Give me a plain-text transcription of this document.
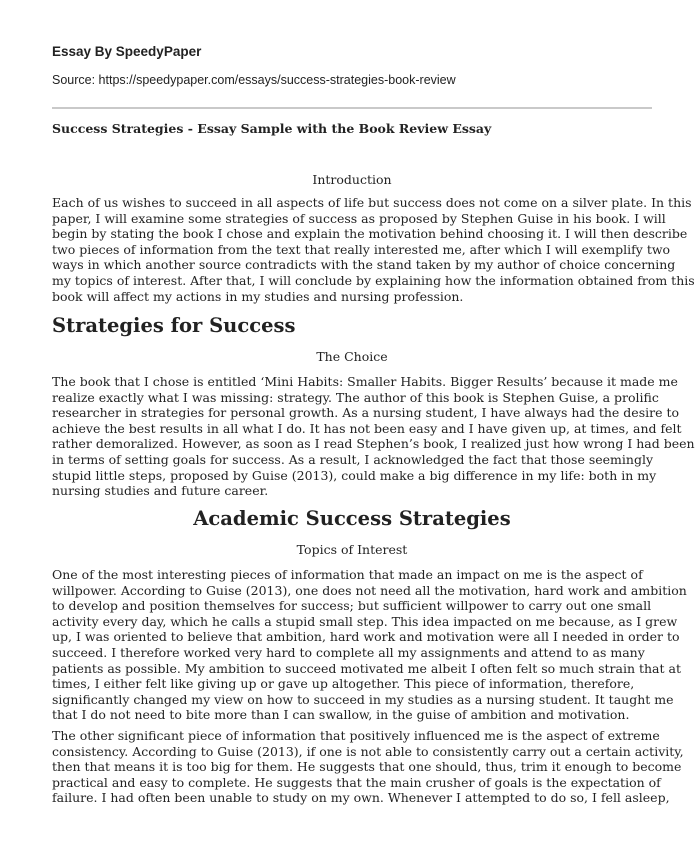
Essay By SpeedyPaper
Source: https://speedypaper.com/essays/success-strategies-book-review
Success Strategies - Essay Sample with the Book Review Essay
Introduction
Each of us wishes to succeed in all aspects of life but success does not come on a silver plate. In this
paper, I will examine some strategies of success as proposed by Stephen Guise in his book. I will
begin by stating the book I chose and explain the motivation behind choosing it. I will then describe
two pieces of information from the text that really interested me, after which I will exemplify two
ways in which another source contradicts with the stand taken by my author of choice concerning
my topics of interest. After that, I will conclude by explaining how the information obtained from this
book will affect my actions in my studies and nursing profession.
Strategies for Success
The Choice
The book that I chose is entitled ‘Mini Habits: Smaller Habits. Bigger Results’ because it made me
realize exactly what I was missing: strategy. The author of this book is Stephen Guise, a prolific
researcher in strategies for personal growth. As a nursing student, I have always had the desire to
achieve the best results in all what I do. It has not been easy and I have given up, at times, and felt
rather demoralized. However, as soon as I read Stephen’s book, I realized just how wrong I had been
in terms of setting goals for success. As a result, I acknowledged the fact that those seemingly
stupid little steps, proposed by Guise (2013), could make a big difference in my life: both in my
nursing studies and future career.
Academic Success Strategies
Topics of Interest
One of the most interesting pieces of information that made an impact on me is the aspect of
willpower. According to Guise (2013), one does not need all the motivation, hard work and ambition
to develop and position themselves for success; but sufficient willpower to carry out one small
activity every day, which he calls a stupid small step. This idea impacted on me because, as I grew
up, I was oriented to believe that ambition, hard work and motivation were all I needed in order to
succeed. I therefore worked very hard to complete all my assignments and attend to as many
patients as possible. My ambition to succeed motivated me albeit I often felt so much strain that at
times, I either felt like giving up or gave up altogether. This piece of information, therefore,
significantly changed my view on how to succeed in my studies as a nursing student. It taught me
that I do not need to bite more than I can swallow, in the guise of ambition and motivation.
The other significant piece of information that positively influenced me is the aspect of extreme
consistency. According to Guise (2013), if one is not able to consistently carry out a certain activity,
then that means it is too big for them. He suggests that one should, thus, trim it enough to become
practical and easy to complete. He suggests that the main crusher of goals is the expectation of
failure. I had often been unable to study on my own. Whenever I attempted to do so, I fell asleep,
